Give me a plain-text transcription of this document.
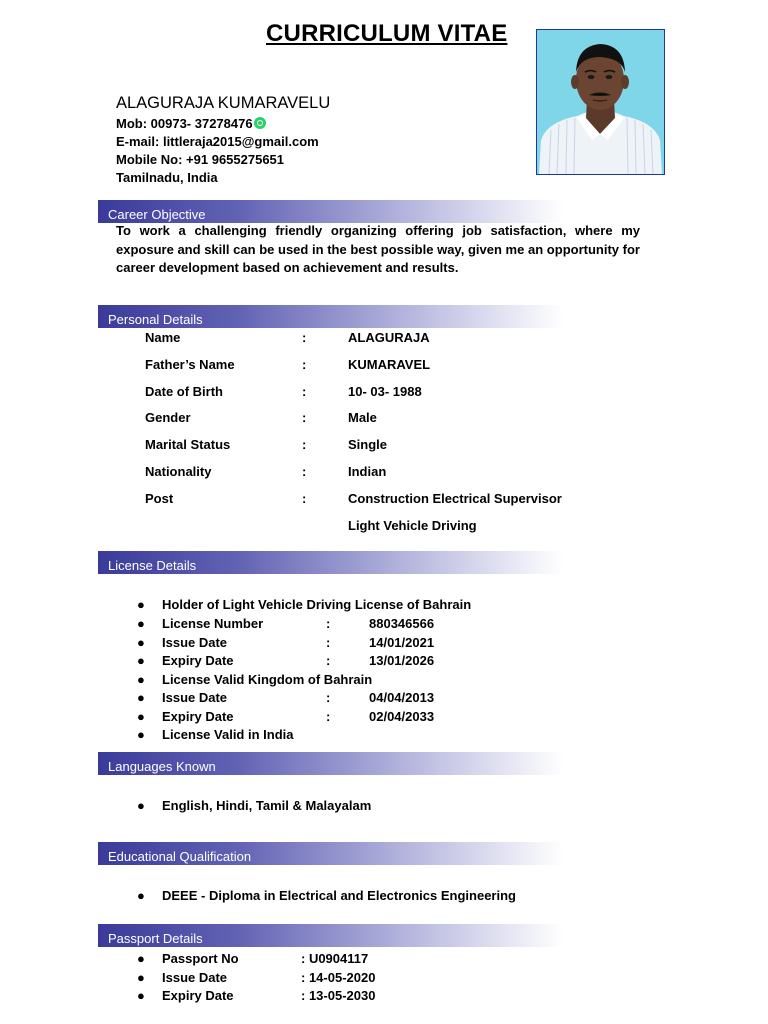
CURRICULUM VITAE
ALAGURAJA KUMARAVELU
Mob: 00973- 37278476
E-mail: littleraja2015@gmail.com
Mobile No: +91 9655275651
Tamilnadu, India
Career Objective
To work a challenging friendly organizing offering job satisfaction, where my exposure and skill can be used in the best possible way, given me an opportunity for career development based on achievement and results.
Personal Details
Name	:	ALAGURAJA
Father’s Name	:	KUMARAVEL
Date of Birth	:	10- 03- 1988
Gender	:	Male
Marital Status	:	Single
Nationality	:	Indian
Post	:	Construction Electrical Supervisor
Light Vehicle Driving
License Details
● Holder of Light Vehicle Driving License of Bahrain
● License Number	:	880346566
● Issue Date	:	14/01/2021
● Expiry Date	:	13/01/2026
● License Valid Kingdom of Bahrain
● Issue Date	:	04/04/2013
● Expiry Date	:	02/04/2033
● License Valid in India
Languages Known
● English, Hindi, Tamil & Malayalam
Educational Qualification
● DEEE - Diploma in Electrical and Electronics Engineering
Passport Details
● Passport No	: U0904117
● Issue Date	: 14-05-2020
● Expiry Date	: 13-05-2030
